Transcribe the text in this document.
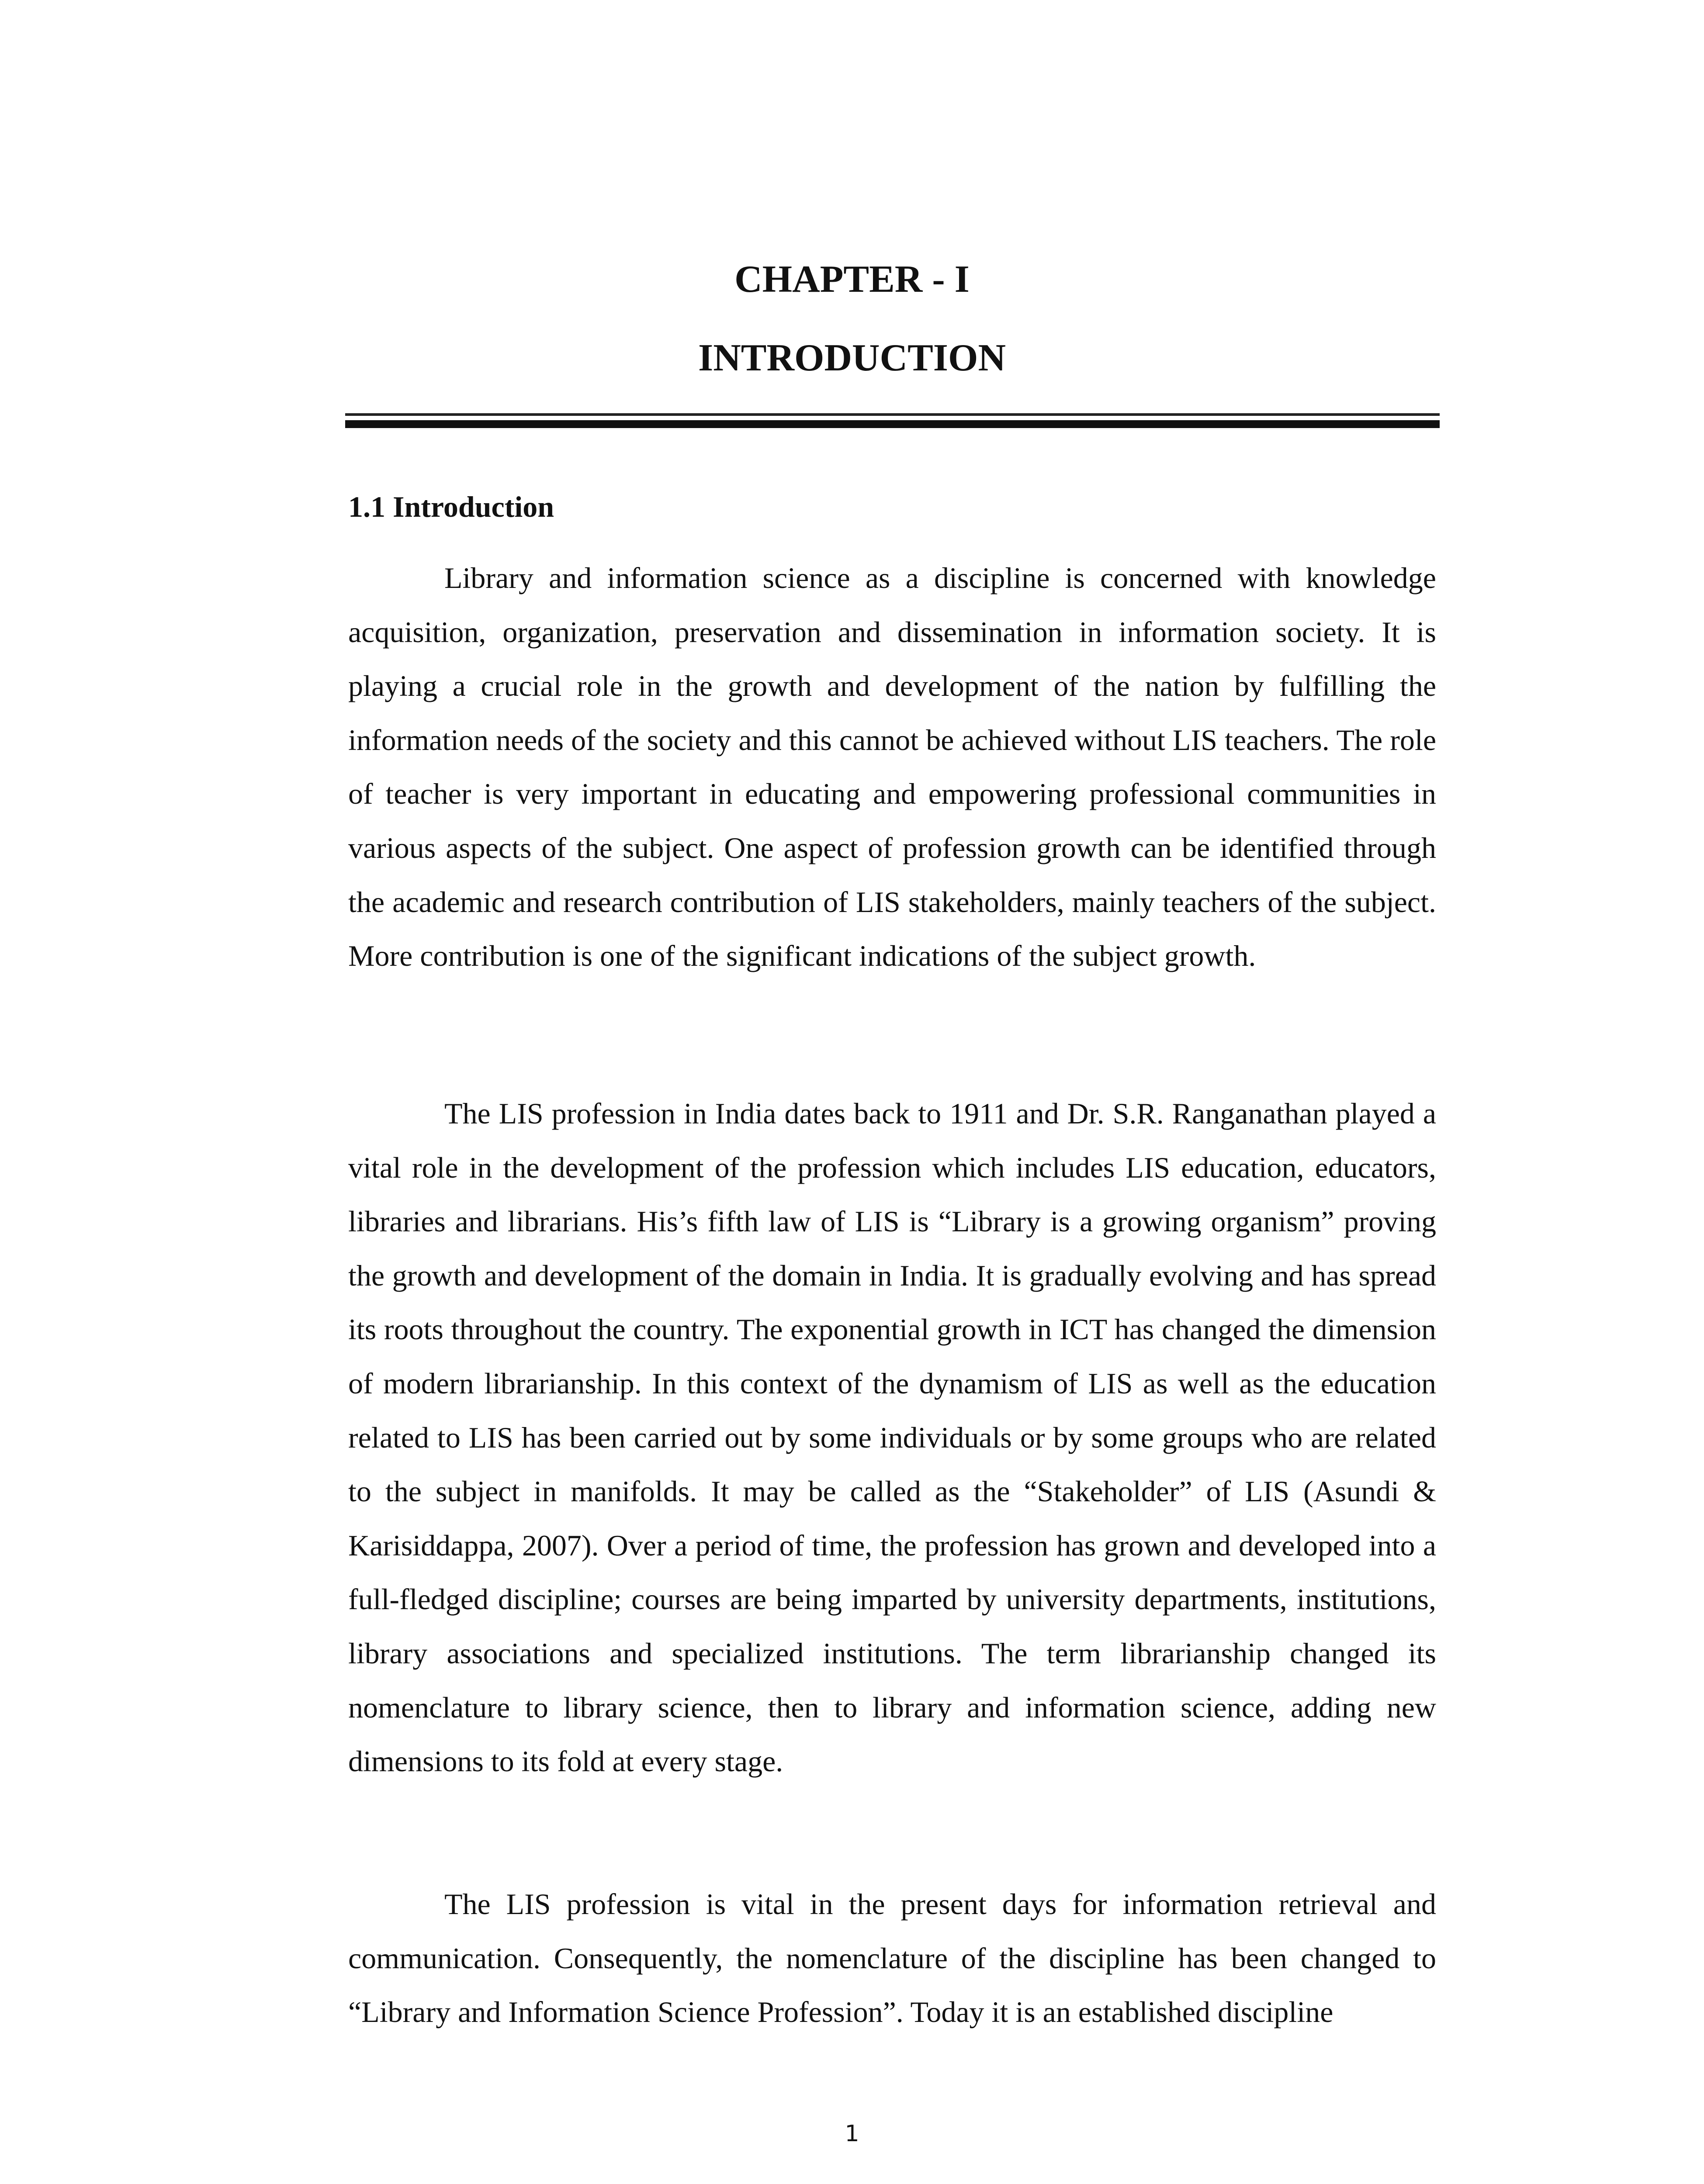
CHAPTER - I
INTRODUCTION
1.1 Introduction

Library and information science as a discipline is concerned with knowledge acquisition, organization, preservation and dissemination in information society. It is playing a crucial role in the growth and development of the nation by fulfilling the information needs of the society and this cannot be achieved without LIS teachers. The role of teacher is very important in educating and empowering professional communities in various aspects of the subject. One aspect of profession growth can be identified through the academic and research contribution of LIS stakeholders, mainly teachers of the subject. More contribution is one of the significant indications of the subject growth.

The LIS profession in India dates back to 1911 and Dr. S.R. Ranganathan played a vital role in the development of the profession which includes LIS education, educators, libraries and librarians. His’s fifth law of LIS is “Library is a growing organism” proving the growth and development of the domain in India. It is gradually evolving and has spread its roots throughout the country. The exponential growth in ICT has changed the dimension of modern librarianship. In this context of the dynamism of LIS as well as the education related to LIS has been carried out by some individuals or by some groups who are related to the subject in manifolds. It may be called as the “Stakeholder” of LIS (Asundi & Karisiddappa, 2007). Over a period of time, the profession has grown and developed into a full-fledged discipline; courses are being imparted by university departments, institutions, library associations and specialized institutions. The term librarianship changed its nomenclature to library science, then to library and information science, adding new dimensions to its fold at every stage.

The LIS profession is vital in the present days for information retrieval and communication. Consequently, the nomenclature of the discipline has been changed to “Library and Information Science Profession”. Today it is an established discipline

1
